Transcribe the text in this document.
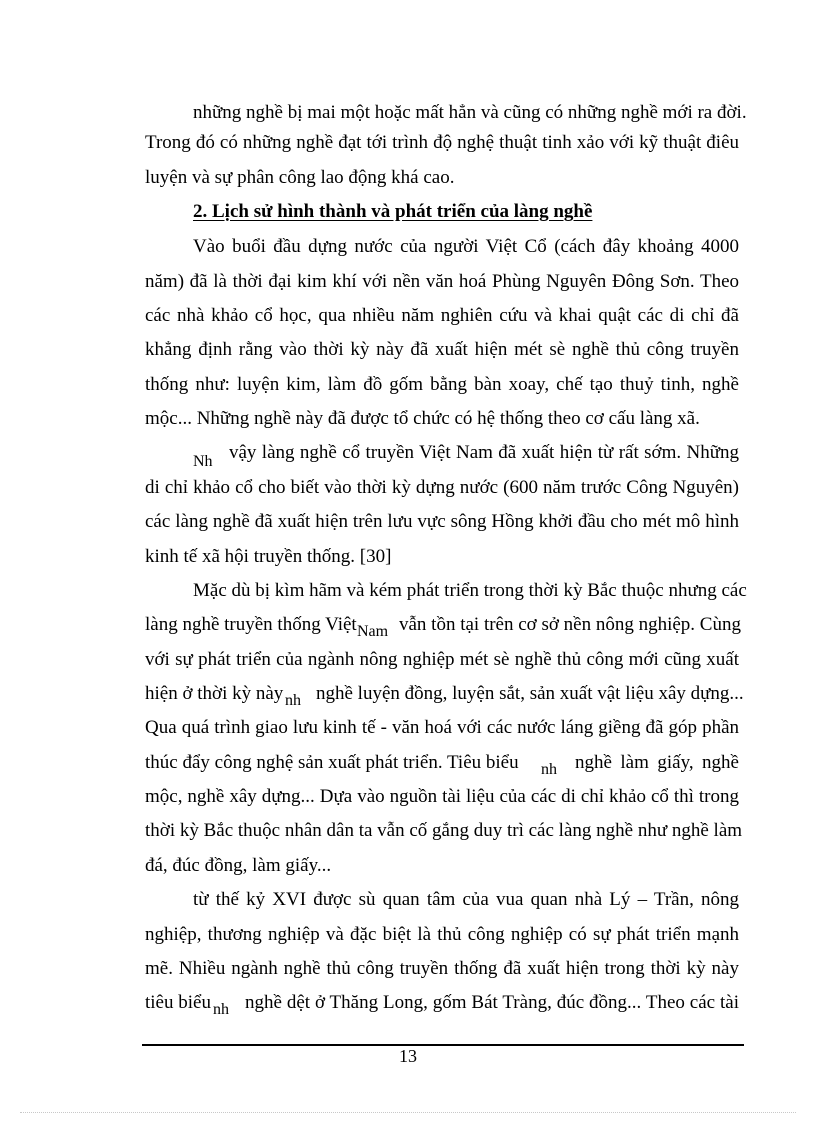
những nghề bị mai một hoặc mất hẳn và cũng có những nghề mới ra đời.
Trong đó có những nghề đạt tới trình độ nghệ thuật tinh xảo với kỹ thuật điêu
luyện và sự phân công lao động khá cao.
2. Lịch sử hình thành và phát triển của làng nghề
Vào buổi đầu dựng nước của người Việt Cổ (cách đây khoảng 4000
năm) đã là thời đại kim khí với nền văn hoá Phùng Nguyên Đông Sơn. Theo
các nhà khảo cổ học, qua nhiều năm nghiên cứu và khai quật các di chỉ đã
khẳng định rằng vào thời kỳ này đã xuất hiện mét sè nghề thủ công truyền
thống như: luyện kim, làm đồ gốm bằng bàn xoay, chế tạo thuỷ tinh, nghề
mộc... Những nghề này đã được tổ chức có hệ thống theo cơ cấu làng xã.
$_{Nh}$ vậy làng nghề cổ truyền Việt Nam đã xuất hiện từ rất sớm. Những
di chỉ khảo cổ cho biết vào thời kỳ dựng nước (600 năm trước Công Nguyên)
các làng nghề đã xuất hiện trên lưu vực sông Hồng khởi đầu cho mét mô hình
kinh tế xã hội truyền thống. [30]
Mặc dù bị kìm hãm và kém phát triển trong thời kỳ Bắc thuộc nhưng các
làng nghề truyền thống Việt $_{Nam}$ vẫn tồn tại trên cơ sở nền nông nghiệp. Cùng
với sự phát triển của ngành nông nghiệp mét sè nghề thủ công mới cũng xuất
hiện ở thời kỳ này $_{nh}$ nghề luyện đồng, luyện sắt, sản xuất vật liệu xây dựng...
Qua quá trình giao lưu kinh tế - văn hoá với các nước láng giềng đã góp phần
thúc đẩy công nghệ sản xuất phát triển. Tiêu biểu $_{nh}$ nghề làm giấy, nghề
mộc, nghề xây dựng... Dựa vào nguồn tài liệu của các di chỉ khảo cổ thì trong
thời kỳ Bắc thuộc nhân dân ta vẫn cố gắng duy trì các làng nghề như nghề làm
đá, đúc đồng, làm giấy...
từ thế kỷ XVI được sù quan tâm của vua quan nhà Lý – Trần, nông
nghiệp, thương nghiệp và đặc biệt là thủ công nghiệp có sự phát triển mạnh
mẽ. Nhiều ngành nghề thủ công truyền thống đã xuất hiện trong thời kỳ này
tiêu biểu $_{nh}$ nghề dệt ở Thăng Long, gốm Bát Tràng, đúc đồng... Theo các tài
13
